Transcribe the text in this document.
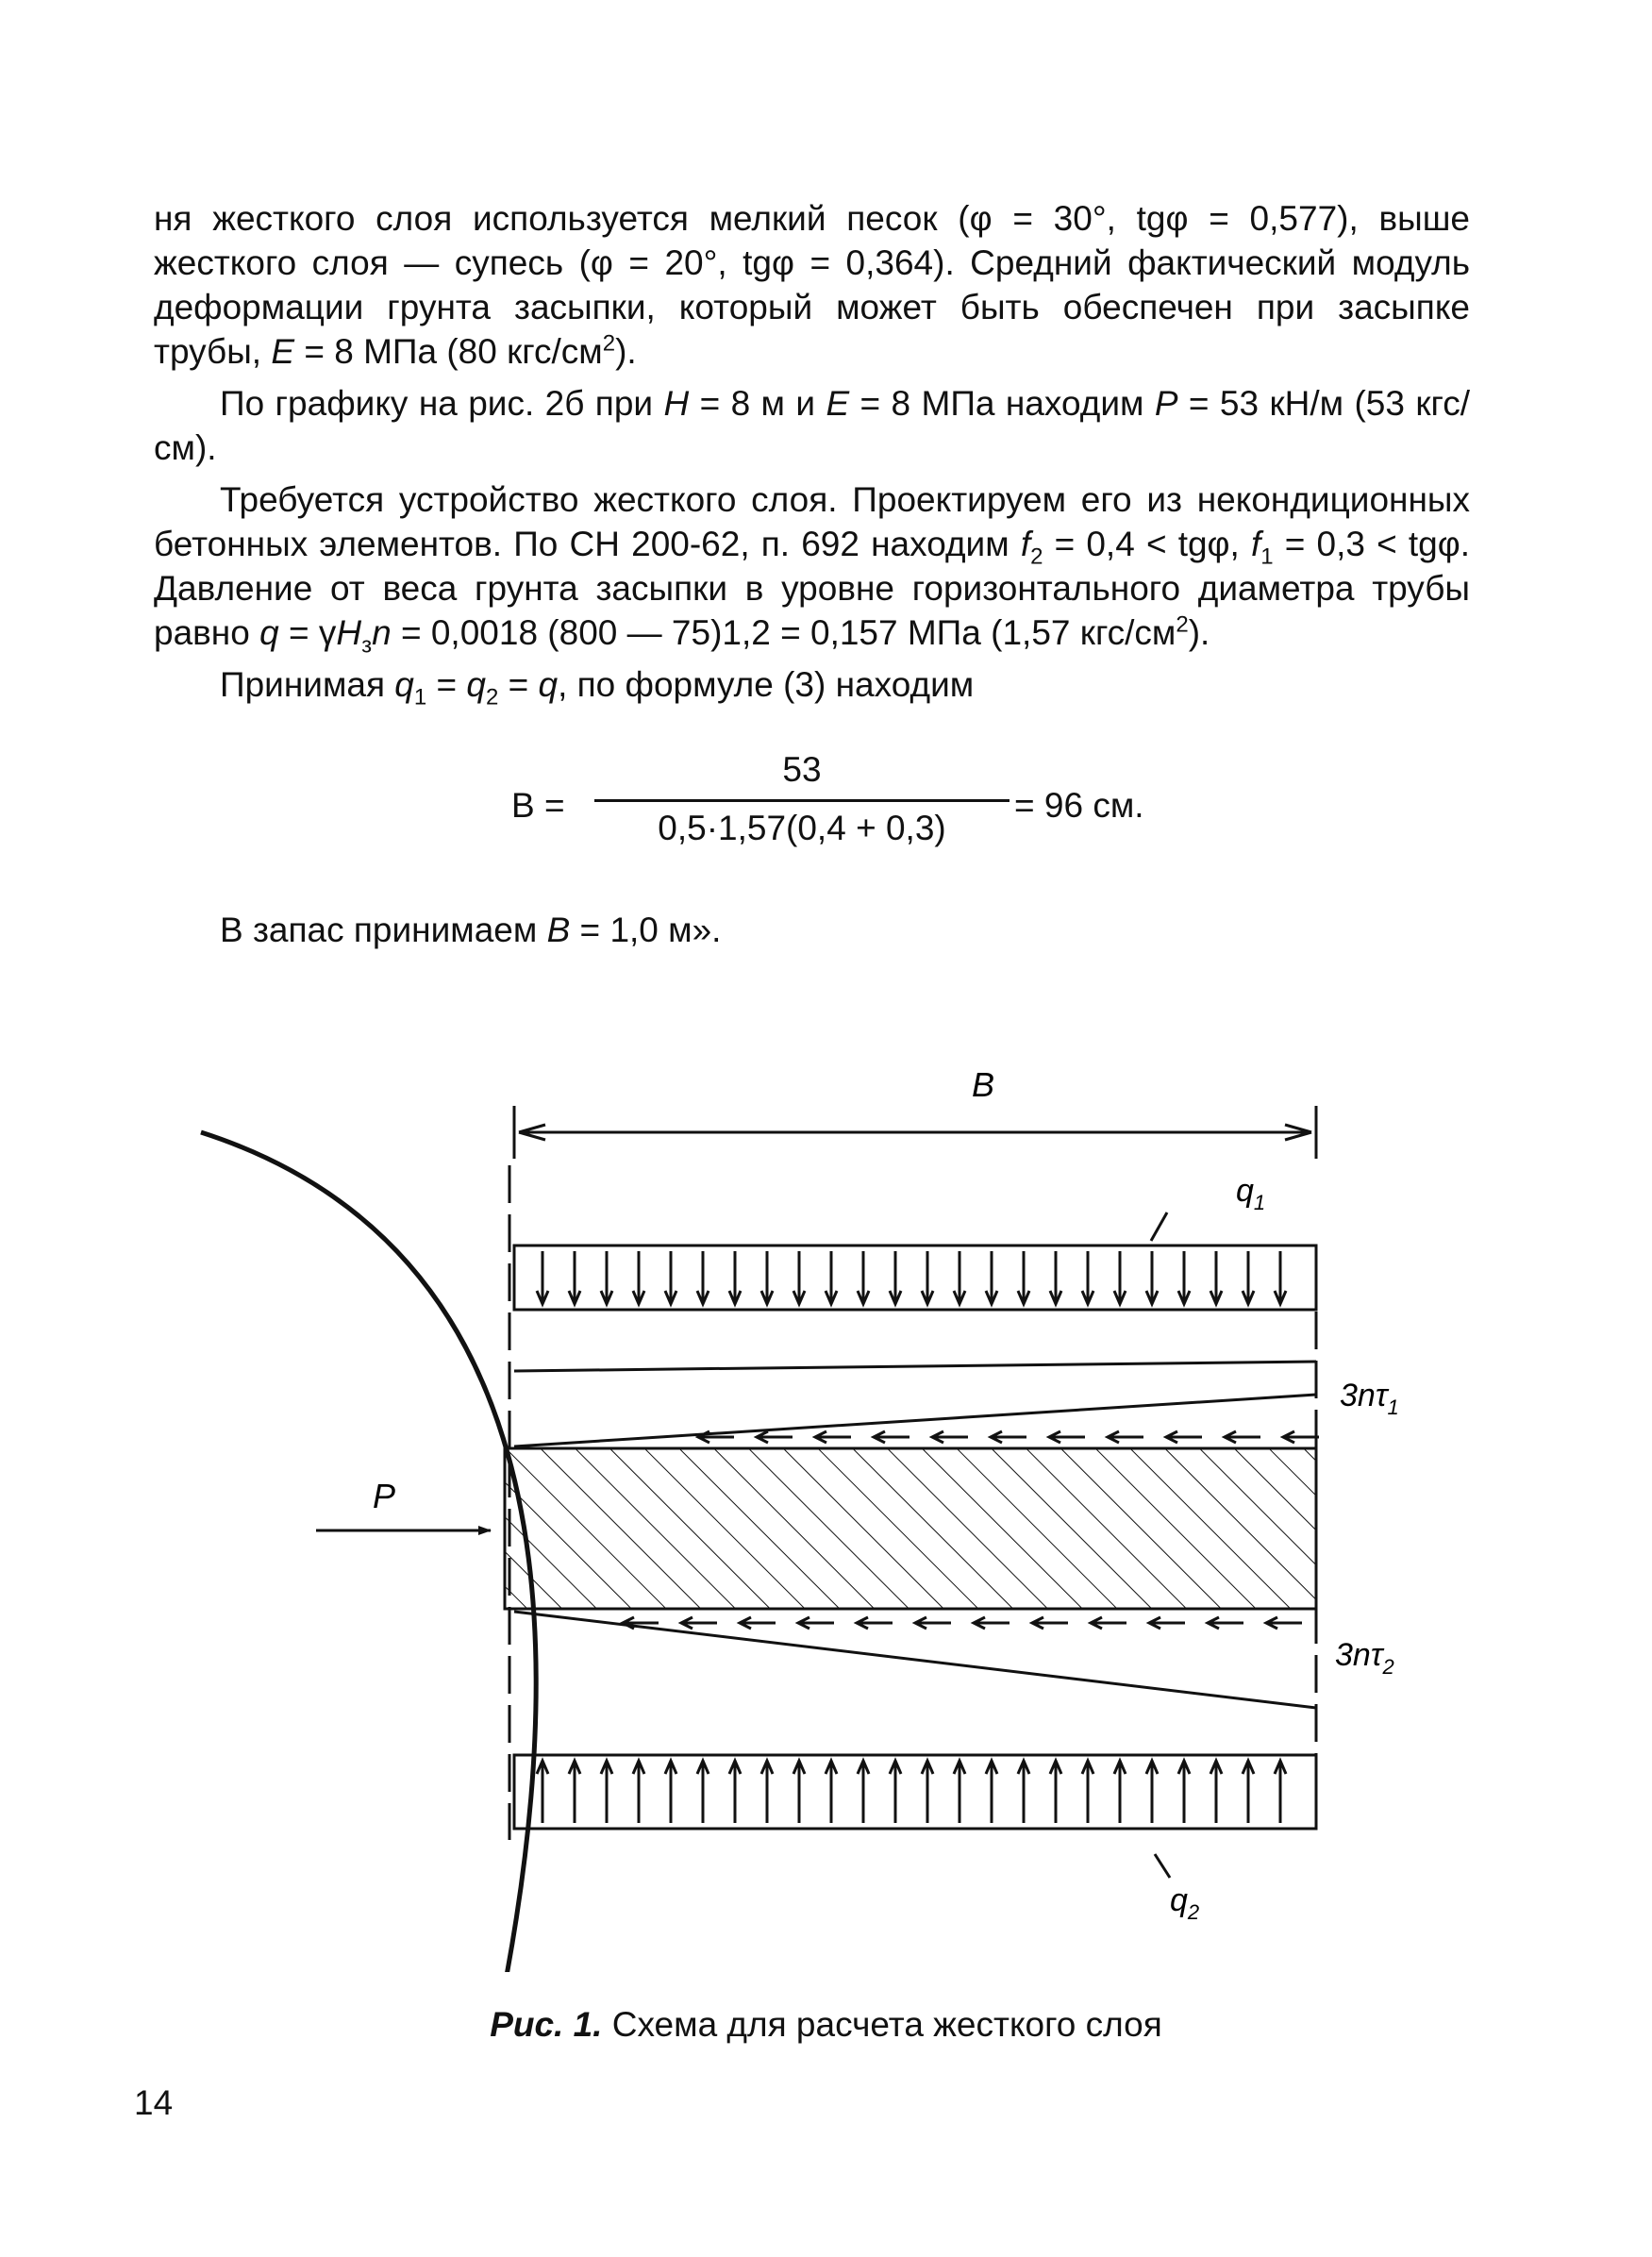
ня жесткого слоя используется мелкий песок (φ = 30°, tgφ = 0,577), выше жесткого слоя — супесь (φ = 20°, tgφ = 0,364). Средний фактический модуль деформации грунта засыпки, который может быть обеспечен при засыпке трубы, E = 8 МПа (80 кгс/$см^2$).

По графику на рис. 2б при H = 8 м и E = 8 МПа находим P = 53 кН/м (53 кгс/см).

Требуется устройство жесткого слоя. Проектируем его из некондиционных бетонных элементов. По СН 200-62, п. 692 находим $f_2 = 0,4 < tg\varphi$, $f_1 = 0,3 < tg\varphi$. Давление от веса грунта засыпки в уровне горизонтального диаметра трубы равно $q = \gamma H_зn = 0,0018$ (800 — 75)1,2 = 0,157 МПа (1,57 кгс/$см^2$).

Принимая $q_1 = q_2 = q$, по формуле (3) находим

B =
53
0,5·1,57(0,4 + 0,3)
= 96 см.
В запас принимаем B = 1,0 м».
B
$q_1$
$3n\tau_1$
$3n\tau_2$
P
$q_2$
Рис. 1. Схема для расчета жесткого слоя
14
